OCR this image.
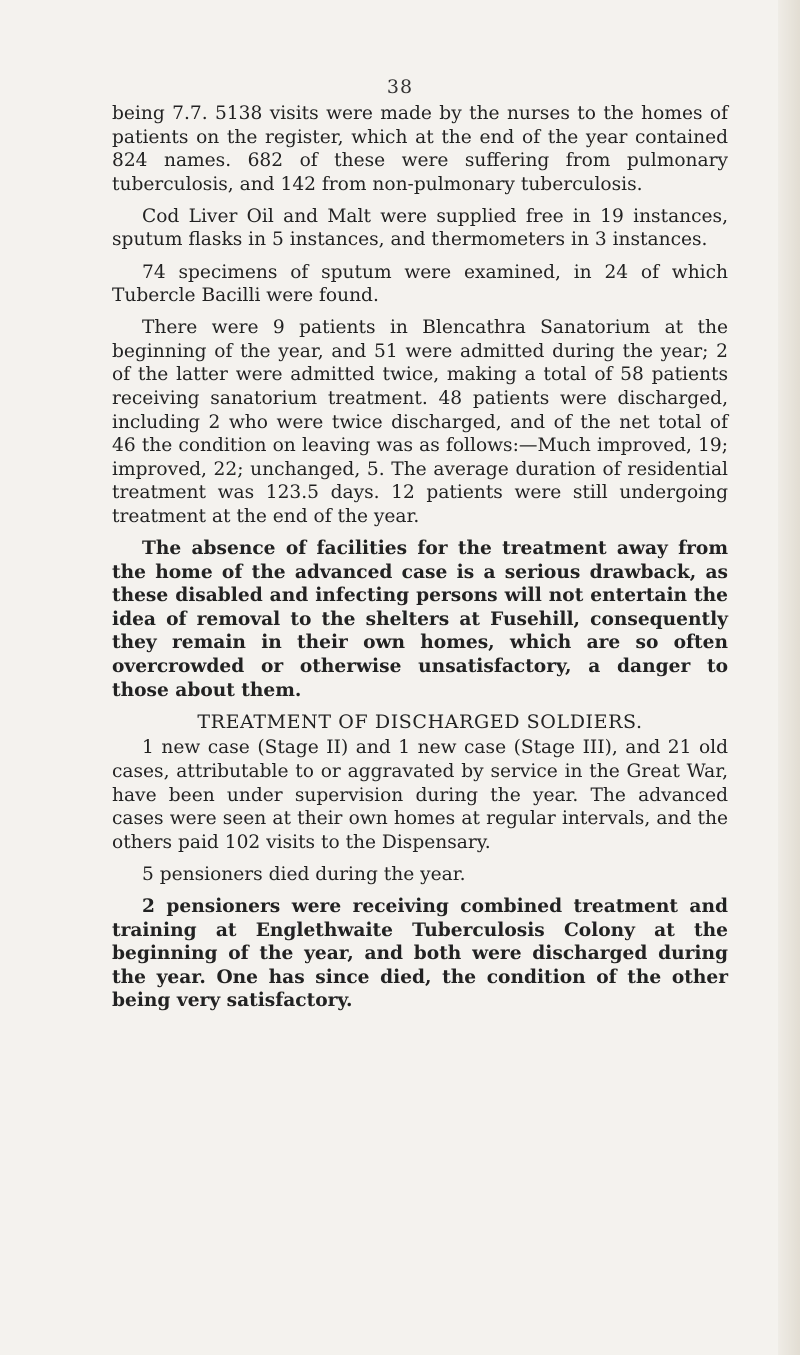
38

being 7.7. 5138 visits were made by the nurses to the homes of patients on the register, which at the end of the year contained 824 names. 682 of these were suffering from pulmonary tuberculosis, and 142 from non-pulmonary tuberculosis.

Cod Liver Oil and Malt were supplied free in 19 instances, sputum flasks in 5 instances, and thermometers in 3 instances.

74 specimens of sputum were examined, in 24 of which Tubercle Bacilli were found.

There were 9 patients in Blencathra Sanatorium at the beginning of the year, and 51 were admitted during the year; 2 of the latter were admitted twice, making a total of 58 patients receiving sanatorium treatment. 48 patients were discharged, including 2 who were twice discharged, and of the net total of 46 the condition on leaving was as follows:—Much improved, 19; improved, 22; unchanged, 5. The average duration of residential treatment was 123.5 days. 12 patients were still undergoing treatment at the end of the year.

The absence of facilities for the treatment away from the home of the advanced case is a serious drawback, as these disabled and infecting persons will not entertain the idea of removal to the shelters at Fusehill, consequently they remain in their own homes, which are so often overcrowded or otherwise unsatisfactory, a danger to those about them.

TREATMENT OF DISCHARGED SOLDIERS.

1 new case (Stage II) and 1 new case (Stage III), and 21 old cases, attributable to or aggravated by service in the Great War, have been under supervision during the year. The advanced cases were seen at their own homes at regular intervals, and the others paid 102 visits to the Dispensary.

5 pensioners died during the year.

2 pensioners were receiving combined treatment and training at Englethwaite Tuberculosis Colony at the beginning of the year, and both were discharged during the year. One has since died, the condition of the other being very satisfactory.
